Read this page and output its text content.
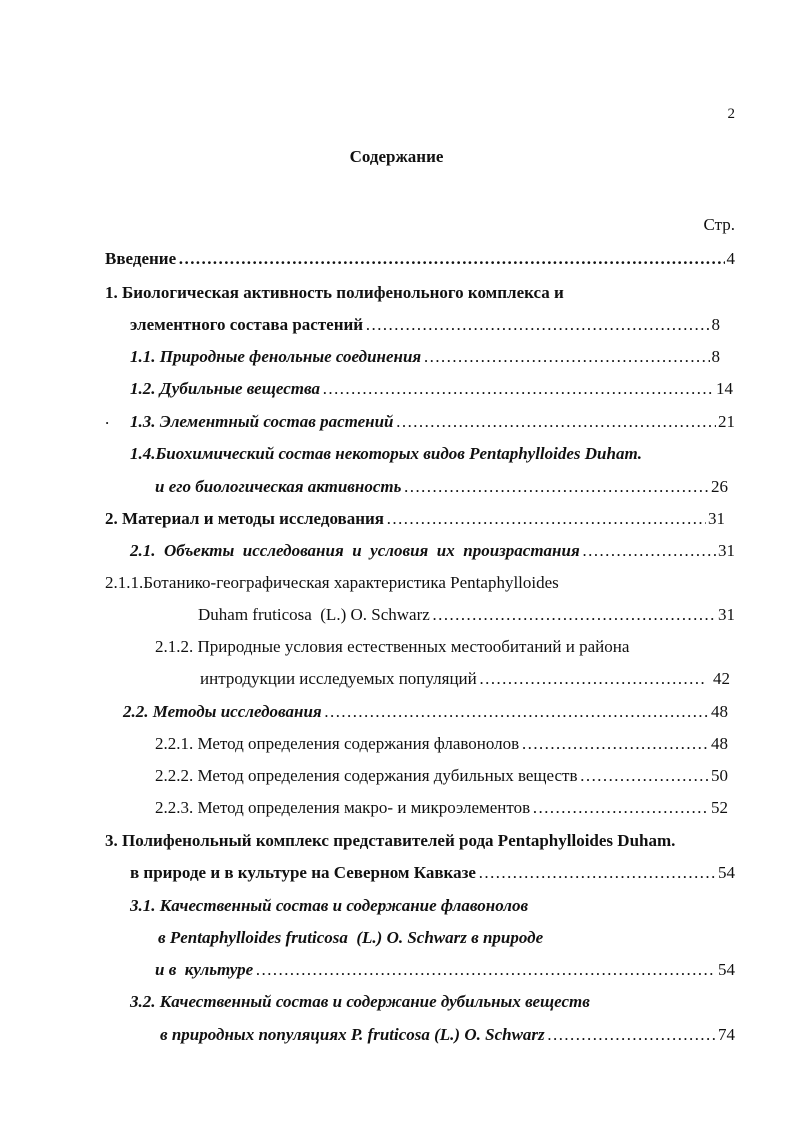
2
Содержание
Стр.
.
Введение ……………………………………………………………………………………………………………………………………………………	4
1. Биологическая активность полифенольного комплекса и
элементного состава растений ……………………………………………………………………………………………………………………………………………………	8
1.1. Природные фенольные соединения ……………………………………………………………………………………………………………………………………………………	8
1.2. Дубильные вещества ……………………………………………………………………………………………………………………………………………………	14
1.3. Элементный состав растений ……………………………………………………………………………………………………………………………………………………	21
1.4.Биохимический состав некоторых видов Pentaphylloides Duham.
и его биологическая активность ……………………………………………………………………………………………………………………………………………………	26
2. Материал и методы исследования ……………………………………………………………………………………………………………………………………………………	31
2.1.  Объекты  исследования  и  условия  их  произрастания ……………………………………………………………………………………………………………………………………………………	31
2.1.1.Ботанико-географическая характеристика Pentaphylloides
Duham fruticosa  (L.) O. Schwarz ……………………………………………………………………………………………………………………………………………………	31
2.1.2. Природные условия естественных местообитаний и района
интродукции исследуемых популяций ……………………………………………………………………………………………………………………………………………………	42
2.2. Методы исследования ……………………………………………………………………………………………………………………………………………………	48
2.2.1. Метод определения содержания флавонолов ……………………………………………………………………………………………………………………………………………………	48
2.2.2. Метод определения содержания дубильных веществ ……………………………………………………………………………………………………………………………………………………	50
2.2.3. Метод определения макро- и микроэлементов ……………………………………………………………………………………………………………………………………………………	52
3. Полифенольный комплекс представителей рода Pentaphylloides Duham.
в природе и в культуре на Северном Кавказе ……………………………………………………………………………………………………………………………………………………	54
3.1. Качественный состав и содержание флавонолов
в Pentaphylloides fruticosa  (L.) O. Schwarz в природе
и в  культуре ……………………………………………………………………………………………………………………………………………………	54
3.2. Качественный состав и содержание дубильных веществ
в природных популяциях P. fruticosa (L.) O. Schwarz ……………………………………………………………………………………………………………………………………………………	74
